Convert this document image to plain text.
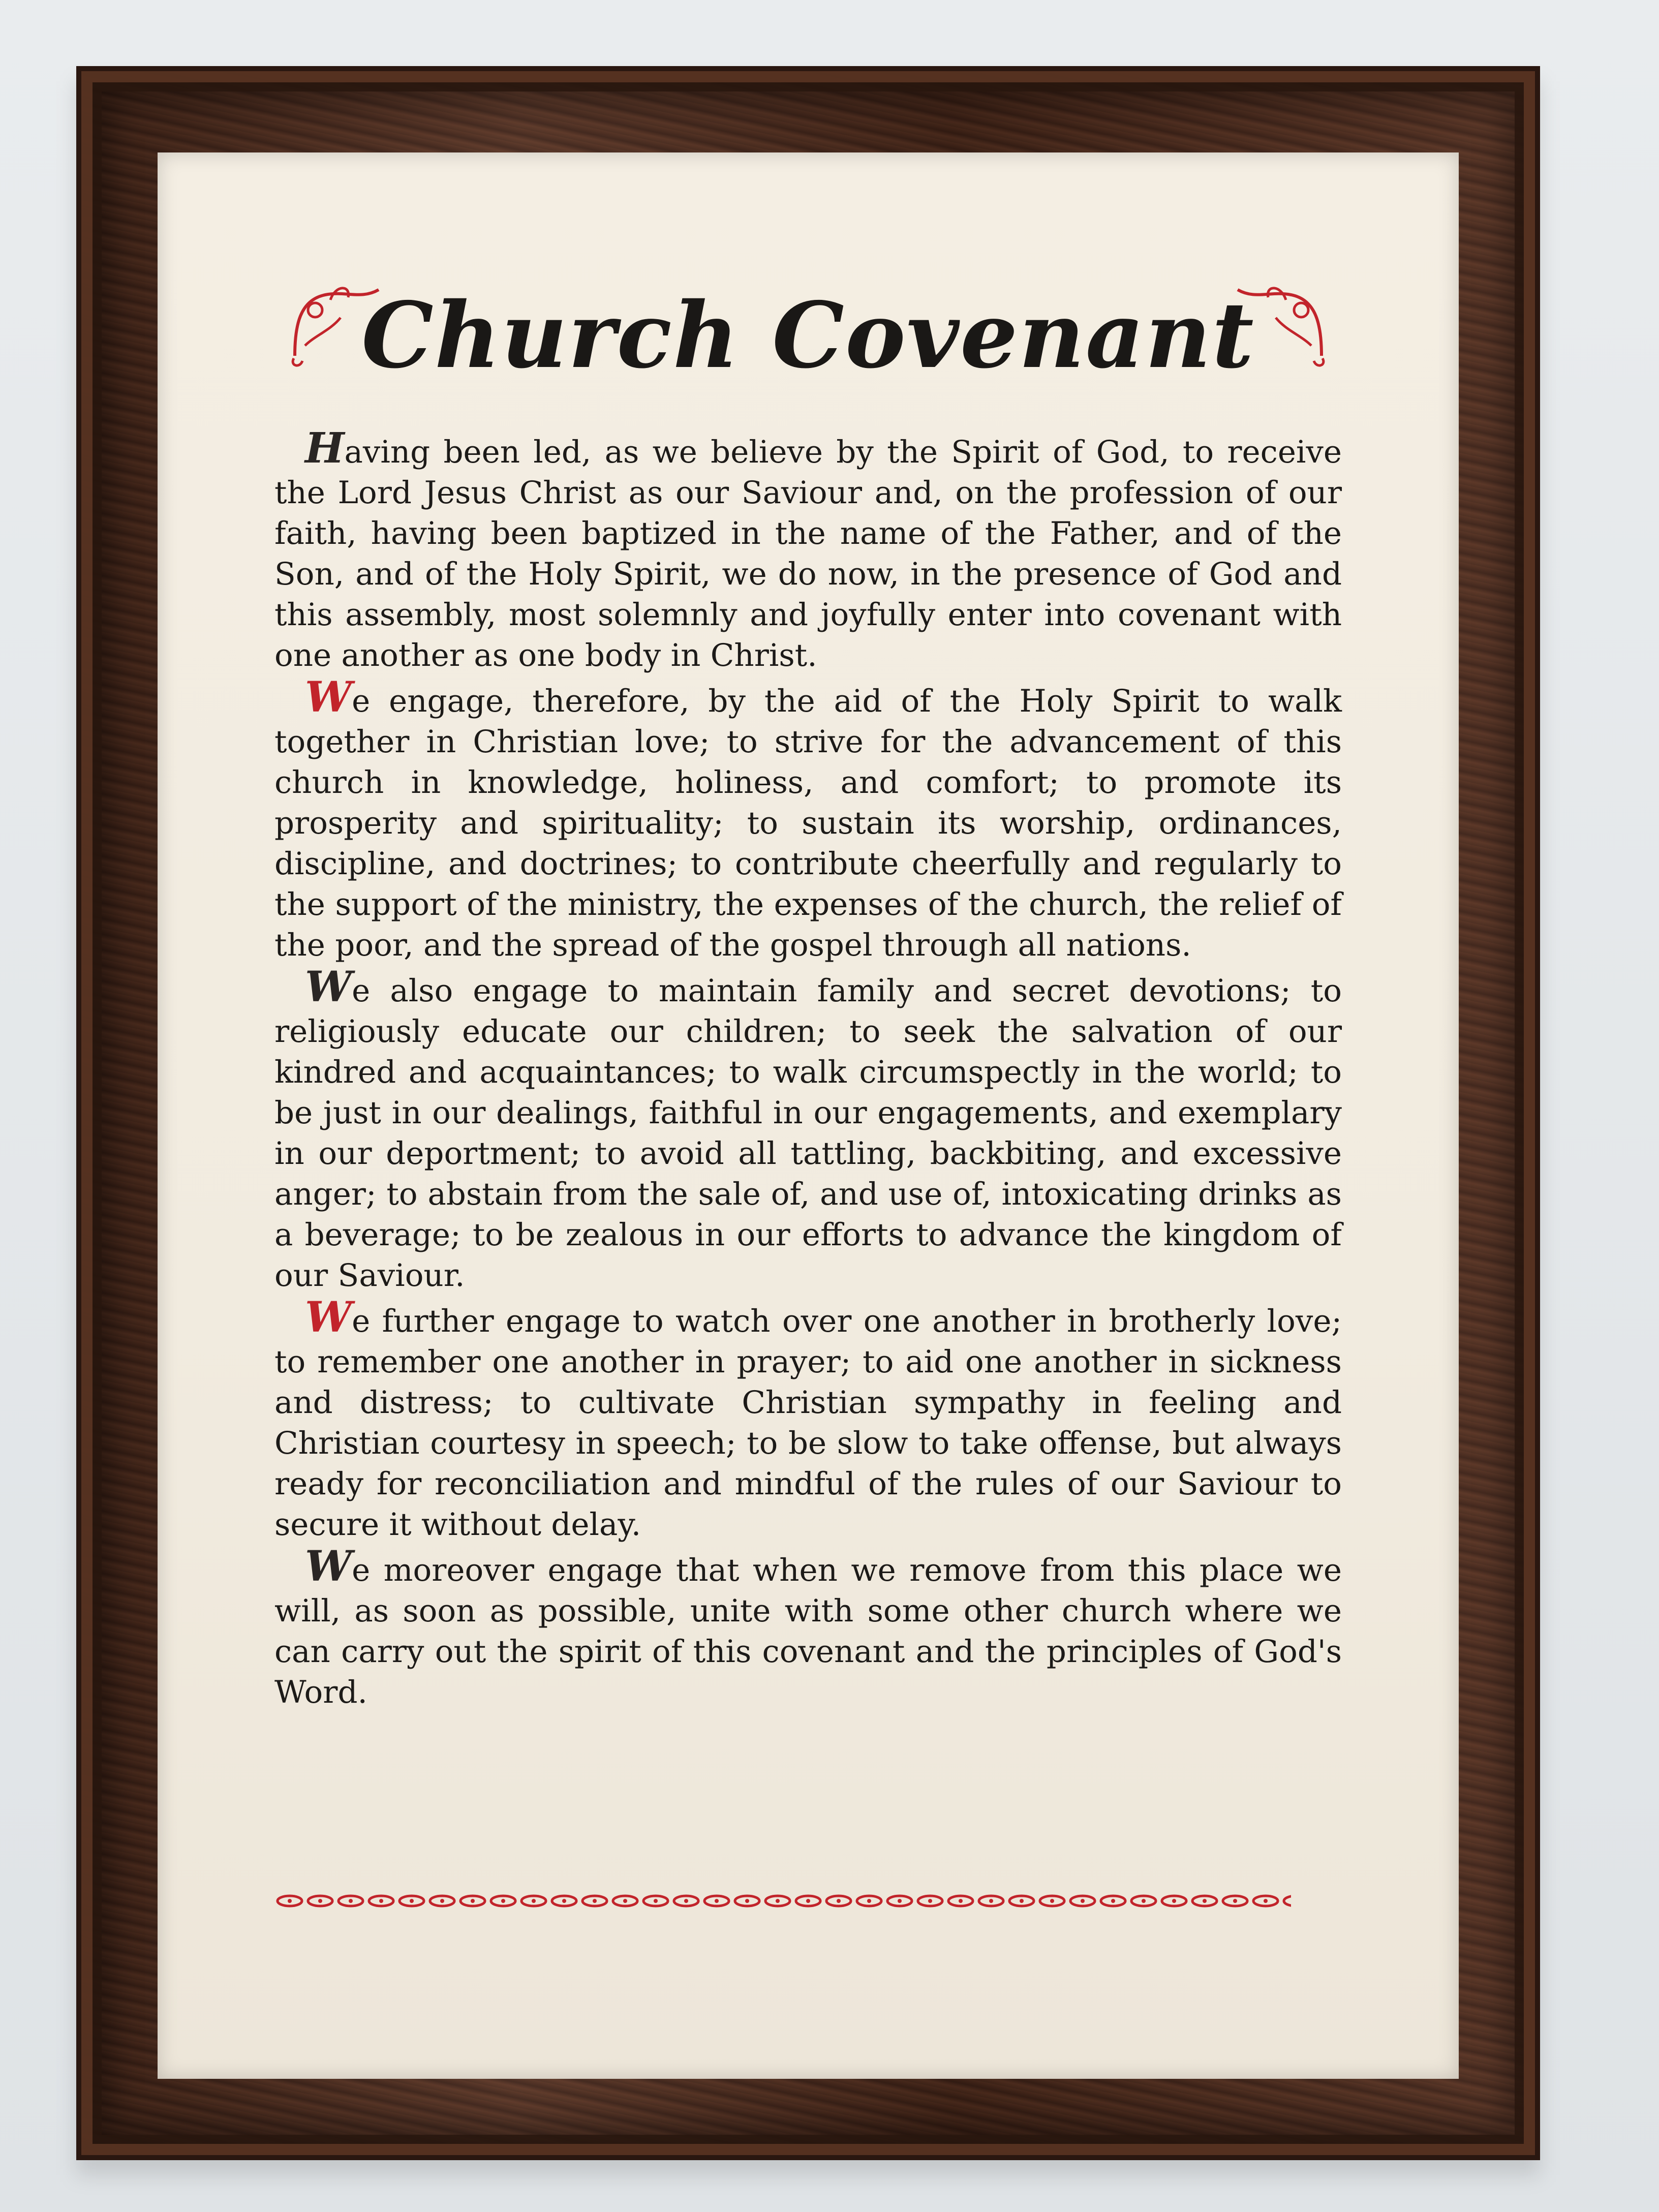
Church Covenant

Having been led, as we believe by the Spirit of God, to receive the Lord Jesus Christ as our Saviour and, on the profession of our faith, having been baptized in the name of the Father, and of the Son, and of the Holy Spirit, we do now, in the presence of God and this assembly, most solemnly and joyfully enter into covenant with one another as one body in Christ.

We engage, therefore, by the aid of the Holy Spirit to walk together in Christian love; to strive for the advancement of this church in knowledge, holiness, and comfort; to promote its prosperity and spirituality; to sustain its worship, ordinances, discipline, and doctrines; to contribute cheerfully and regularly to the support of the ministry, the expenses of the church, the relief of the poor, and the spread of the gospel through all nations.

We also engage to maintain family and secret devotions; to religiously educate our children; to seek the salvation of our kindred and acquaintances; to walk circumspectly in the world; to be just in our dealings, faithful in our engagements, and exemplary in our deportment; to avoid all tattling, backbiting, and excessive anger; to abstain from the sale of, and use of, intoxicating drinks as a beverage; to be zealous in our efforts to advance the kingdom of our Saviour.

We further engage to watch over one another in brotherly love; to remember one another in prayer; to aid one another in sickness and distress; to cultivate Christian sympathy in feeling and Christian courtesy in speech; to be slow to take offense, but always ready for reconciliation and mindful of the rules of our Saviour to secure it without delay.

We moreover engage that when we remove from this place we will, as soon as possible, unite with some other church where we can carry out the spirit of this covenant and the principles of God's Word.
